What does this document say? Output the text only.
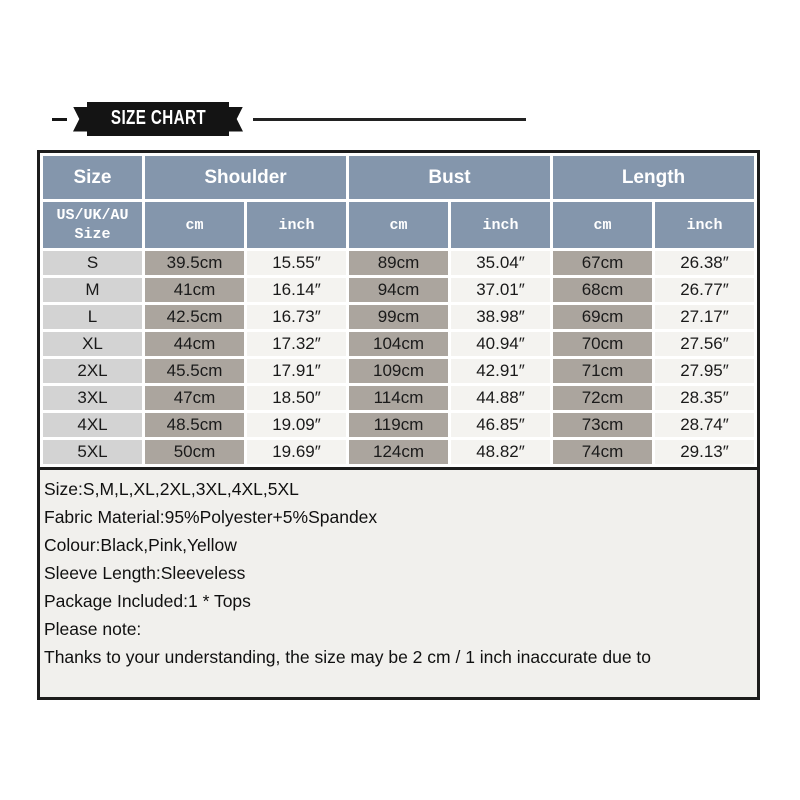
SIZE CHART
Size	Shoulder		Bust		Length	
US/UK/AU Size	cm	inch	cm	inch	cm	inch
S	39.5cm	15.55″	89cm	35.04″	67cm	26.38″
M	41cm	16.14″	94cm	37.01″	68cm	26.77″
L	42.5cm	16.73″	99cm	38.98″	69cm	27.17″
XL	44cm	17.32″	104cm	40.94″	70cm	27.56″
2XL	45.5cm	17.91″	109cm	42.91″	71cm	27.95″
3XL	47cm	18.50″	114cm	44.88″	72cm	28.35″
4XL	48.5cm	19.09″	119cm	46.85″	73cm	28.74″
5XL	50cm	19.69″	124cm	48.82″	74cm	29.13″

Size:S,M,L,XL,2XL,3XL,4XL,5XL

Fabric Material:95%Polyester+5%Spandex

Colour:Black,Pink,Yellow

Sleeve Length:Sleeveless

Package Included:1 * Tops

Please note:

Thanks to your understanding, the size may be 2 cm / 1 inch inaccurate due to
